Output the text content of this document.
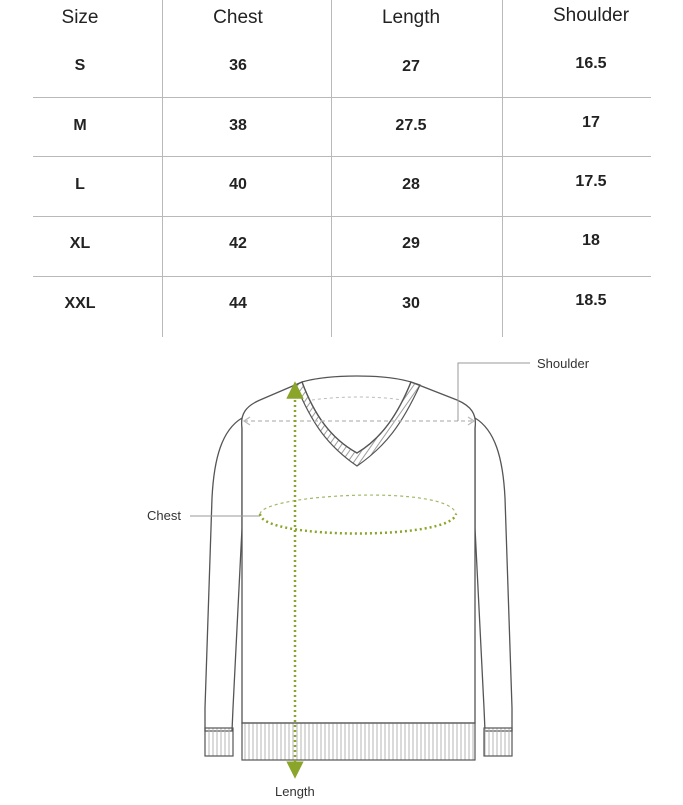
Size	Chest	Length	Shoulder
S	36	27	16.5
M	38	27.5	17
L	40	28	17.5
XL	42	29	18
XXL	44	30	18.5
Shoulder
Chest
Length
